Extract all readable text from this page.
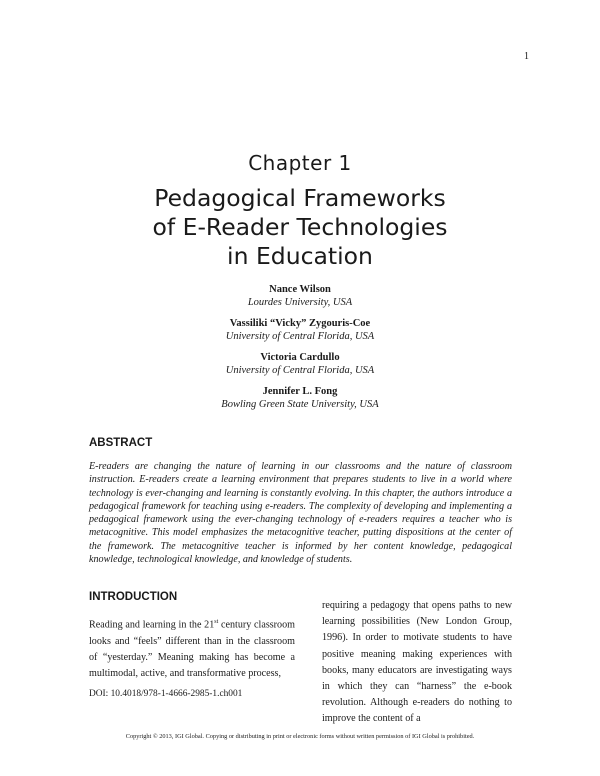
1
Chapter 1
Pedagogical Frameworks
of E-Reader Technologies
in Education
Nance Wilson
Lourdes University, USA
Vassiliki “Vicky” Zygouris-Coe
University of Central Florida, USA
Victoria Cardullo
University of Central Florida, USA
Jennifer L. Fong
Bowling Green State University, USA
ABSTRACT
E-readers are changing the nature of learning in our classrooms and the nature of classroom instruction. E-readers create a learning environment that prepares students to live in a world where technology is ever-changing and learning is constantly evolving. In this chapter, the authors introduce a pedagogical framework for teaching using e-readers. The complexity of developing and implementing a pedagogical framework using the ever-changing technology of e-readers requires a teacher who is metacognitive. This model emphasizes the metacognitive teacher, putting dispositions at the center of the framework. The metacognitive teacher is informed by her content knowledge, pedagogical knowledge, technological knowledge, and knowledge of students.
INTRODUCTION
Reading and learning in the 21st century classroom looks and “feels” different than in the classroom of “yesterday.” Meaning making has become a multimodal, active, and transformative process,
requiring a pedagogy that opens paths to new learning possibilities (New London Group, 1996). In order to motivate students to have positive meaning making experiences with books, many educators are investigating ways in which they can “harness” the e-book revolution. Although e-readers do nothing to improve the content of a
DOI: 10.4018/978-1-4666-2985-1.ch001
Copyright © 2013, IGI Global. Copying or distributing in print or electronic forms without written permission of IGI Global is prohibited.
